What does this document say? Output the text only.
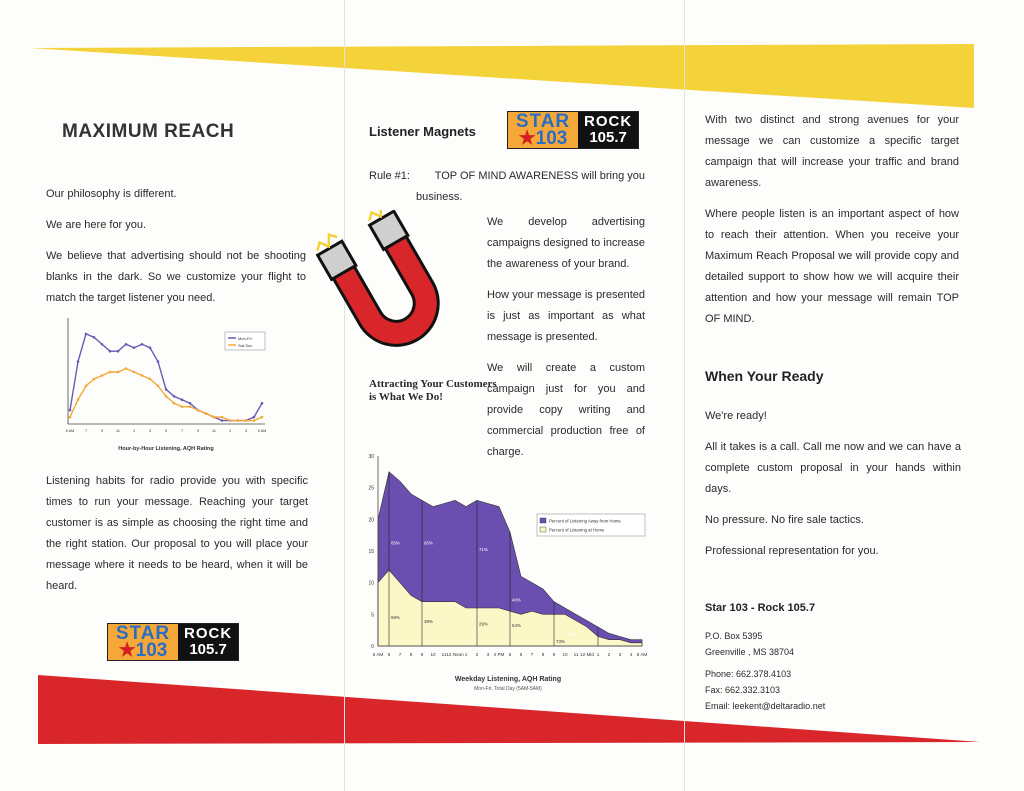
MAXIMUM REACH

Our philosophy is different.

We are here for you.

We believe that advertising should not be shooting blanks in the dark. So we customize your flight to match the target listener you need.

5 AM	7	9	11	1	3	5	7	9	11	1	3	5 AM
Mon-Fri
Sat-Sun
Hour-by-Hour Listening, AQH Rating
Listening habits for radio provide you with specific times to run your message. Reaching your target customer is as simple as choosing the right time and the right station. Our proposal to you will place your message where it needs to be heard, when it will be heard.
STAR
★103
ROCK
105.7
Listener Magnets STAR
★103
ROCK
105.7
Rule #1: TOP OF MIND AWARENESS will bring you
business.
Attracting Your Customers
is What We Do!

We develop advertising campaigns designed to increase the awareness of your brand.

How your message is presented is just as important as what message is presented.

We will create a custom campaign just for you and provide copy writing and commercial production free of charge.

0
5
10
15
20
25
30
5 AM 6 7 8 9 10 11 12 Noon 1 2 3 4 PM 5 6 7 8 9 10 11 12 Mid 1 2 3 4 5 AM
65%	65%
71%
40%
27%
69%
39%
29%	54%
73%
Percent of Listening Away from Home
Percent of Listening at Home
Weekday Listening, AQH Rating
Mon-Fri, Total Day (5AM-5AM)

With two distinct and strong avenues for your message we can customize a specific target campaign that will increase your traffic and brand awareness.

Where people listen is an important aspect of how to reach their attention. When you receive your Maximum Reach Proposal we will provide copy and detailed support to show how we will acquire their attention and how your message will remain TOP OF MIND.

When Your Ready

We're ready!

All it takes is a call. Call me now and we can have a complete custom proposal in your hands within days.

No pressure. No fire sale tactics.

Professional representation for you.

Star 103 - Rock 105.7
P.O. Box 5395
Greenville , MS 38704
Phone: 662.378.4103
Fax: 662.332.3103
Email: leekent@deltaradio.net
